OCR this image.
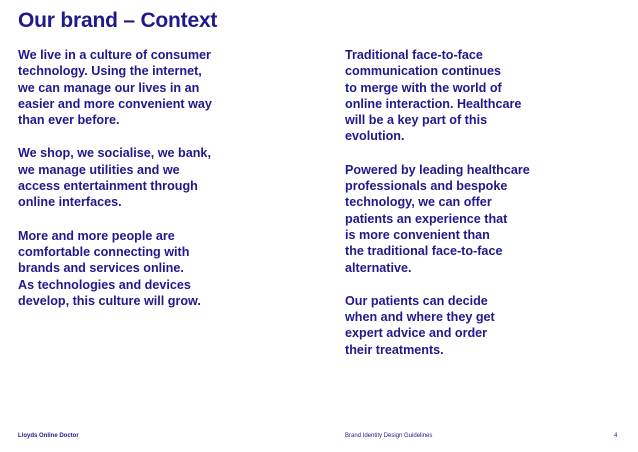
Our brand – Context

We live in a culture of consumer
technology. Using the internet,
we can manage our lives in an
easier and more convenient way
than ever before.

We shop, we socialise, we bank,
we manage utilities and we
access entertainment through
online interfaces.

More and more people are
comfortable connecting with
brands and services online.
As technologies and devices
develop, this culture will grow.

Traditional face-to-face
communication continues
to merge with the world of
online interaction. Healthcare
will be a key part of this
evolution.

Powered by leading healthcare
professionals and bespoke
technology, we can offer
patients an experience that
is more convenient than
the traditional face-to-face
alternative.

Our patients can decide
when and where they get
expert advice and order
their treatments.

Lloyds Online Doctor	Brand Identity Design Guidelines	4
